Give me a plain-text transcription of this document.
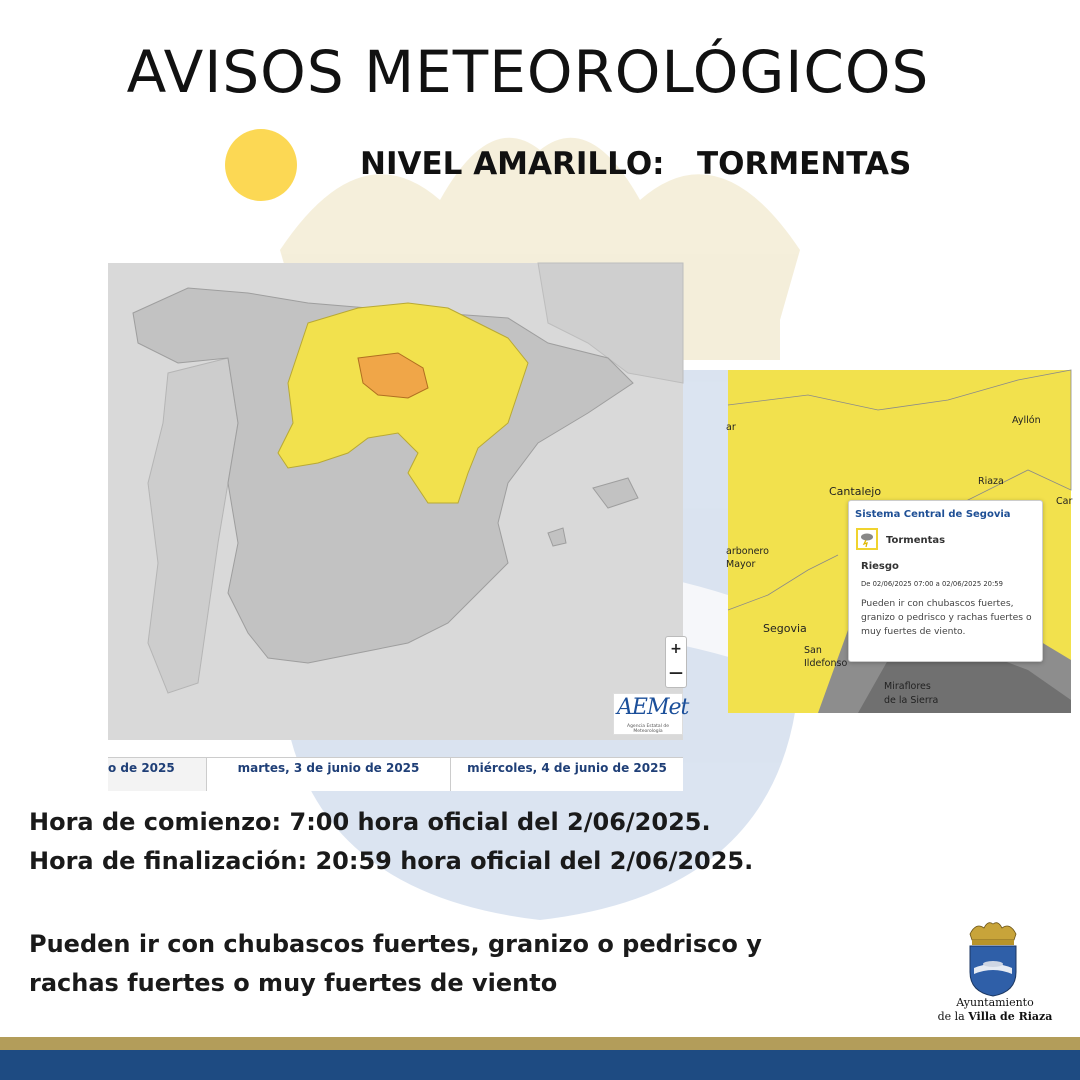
AVISOS METEOROLÓGICOS
NIVEL AMARILLO:   TORMENTAS
+
—
AEMet
Agencia Estatal de Meteorología
o de 2025	martes, 3 de junio de 2025	miércoles, 4 de junio de 2025
ar
Ayllón
Riaza
Cantalejo
Car
arbonero
Mayor
Segovia
San
Ildefonso
Miraflores
de la Sierra
Sistema Central de Segovia
Tormentas
Riesgo
De 02/06/2025 07:00 a 02/06/2025 20:59
Pueden ir con chubascos fuertes, granizo o pedrisco y rachas fuertes o muy fuertes de viento.
Hora de comienzo: 7:00 hora oficial del 2/06/2025.
Hora de finalización: 20:59 hora oficial del 2/06/2025.
Pueden ir con chubascos fuertes, granizo o pedrisco y
rachas fuertes o muy fuertes de viento
Ayuntamiento
de la Villa de Riaza
